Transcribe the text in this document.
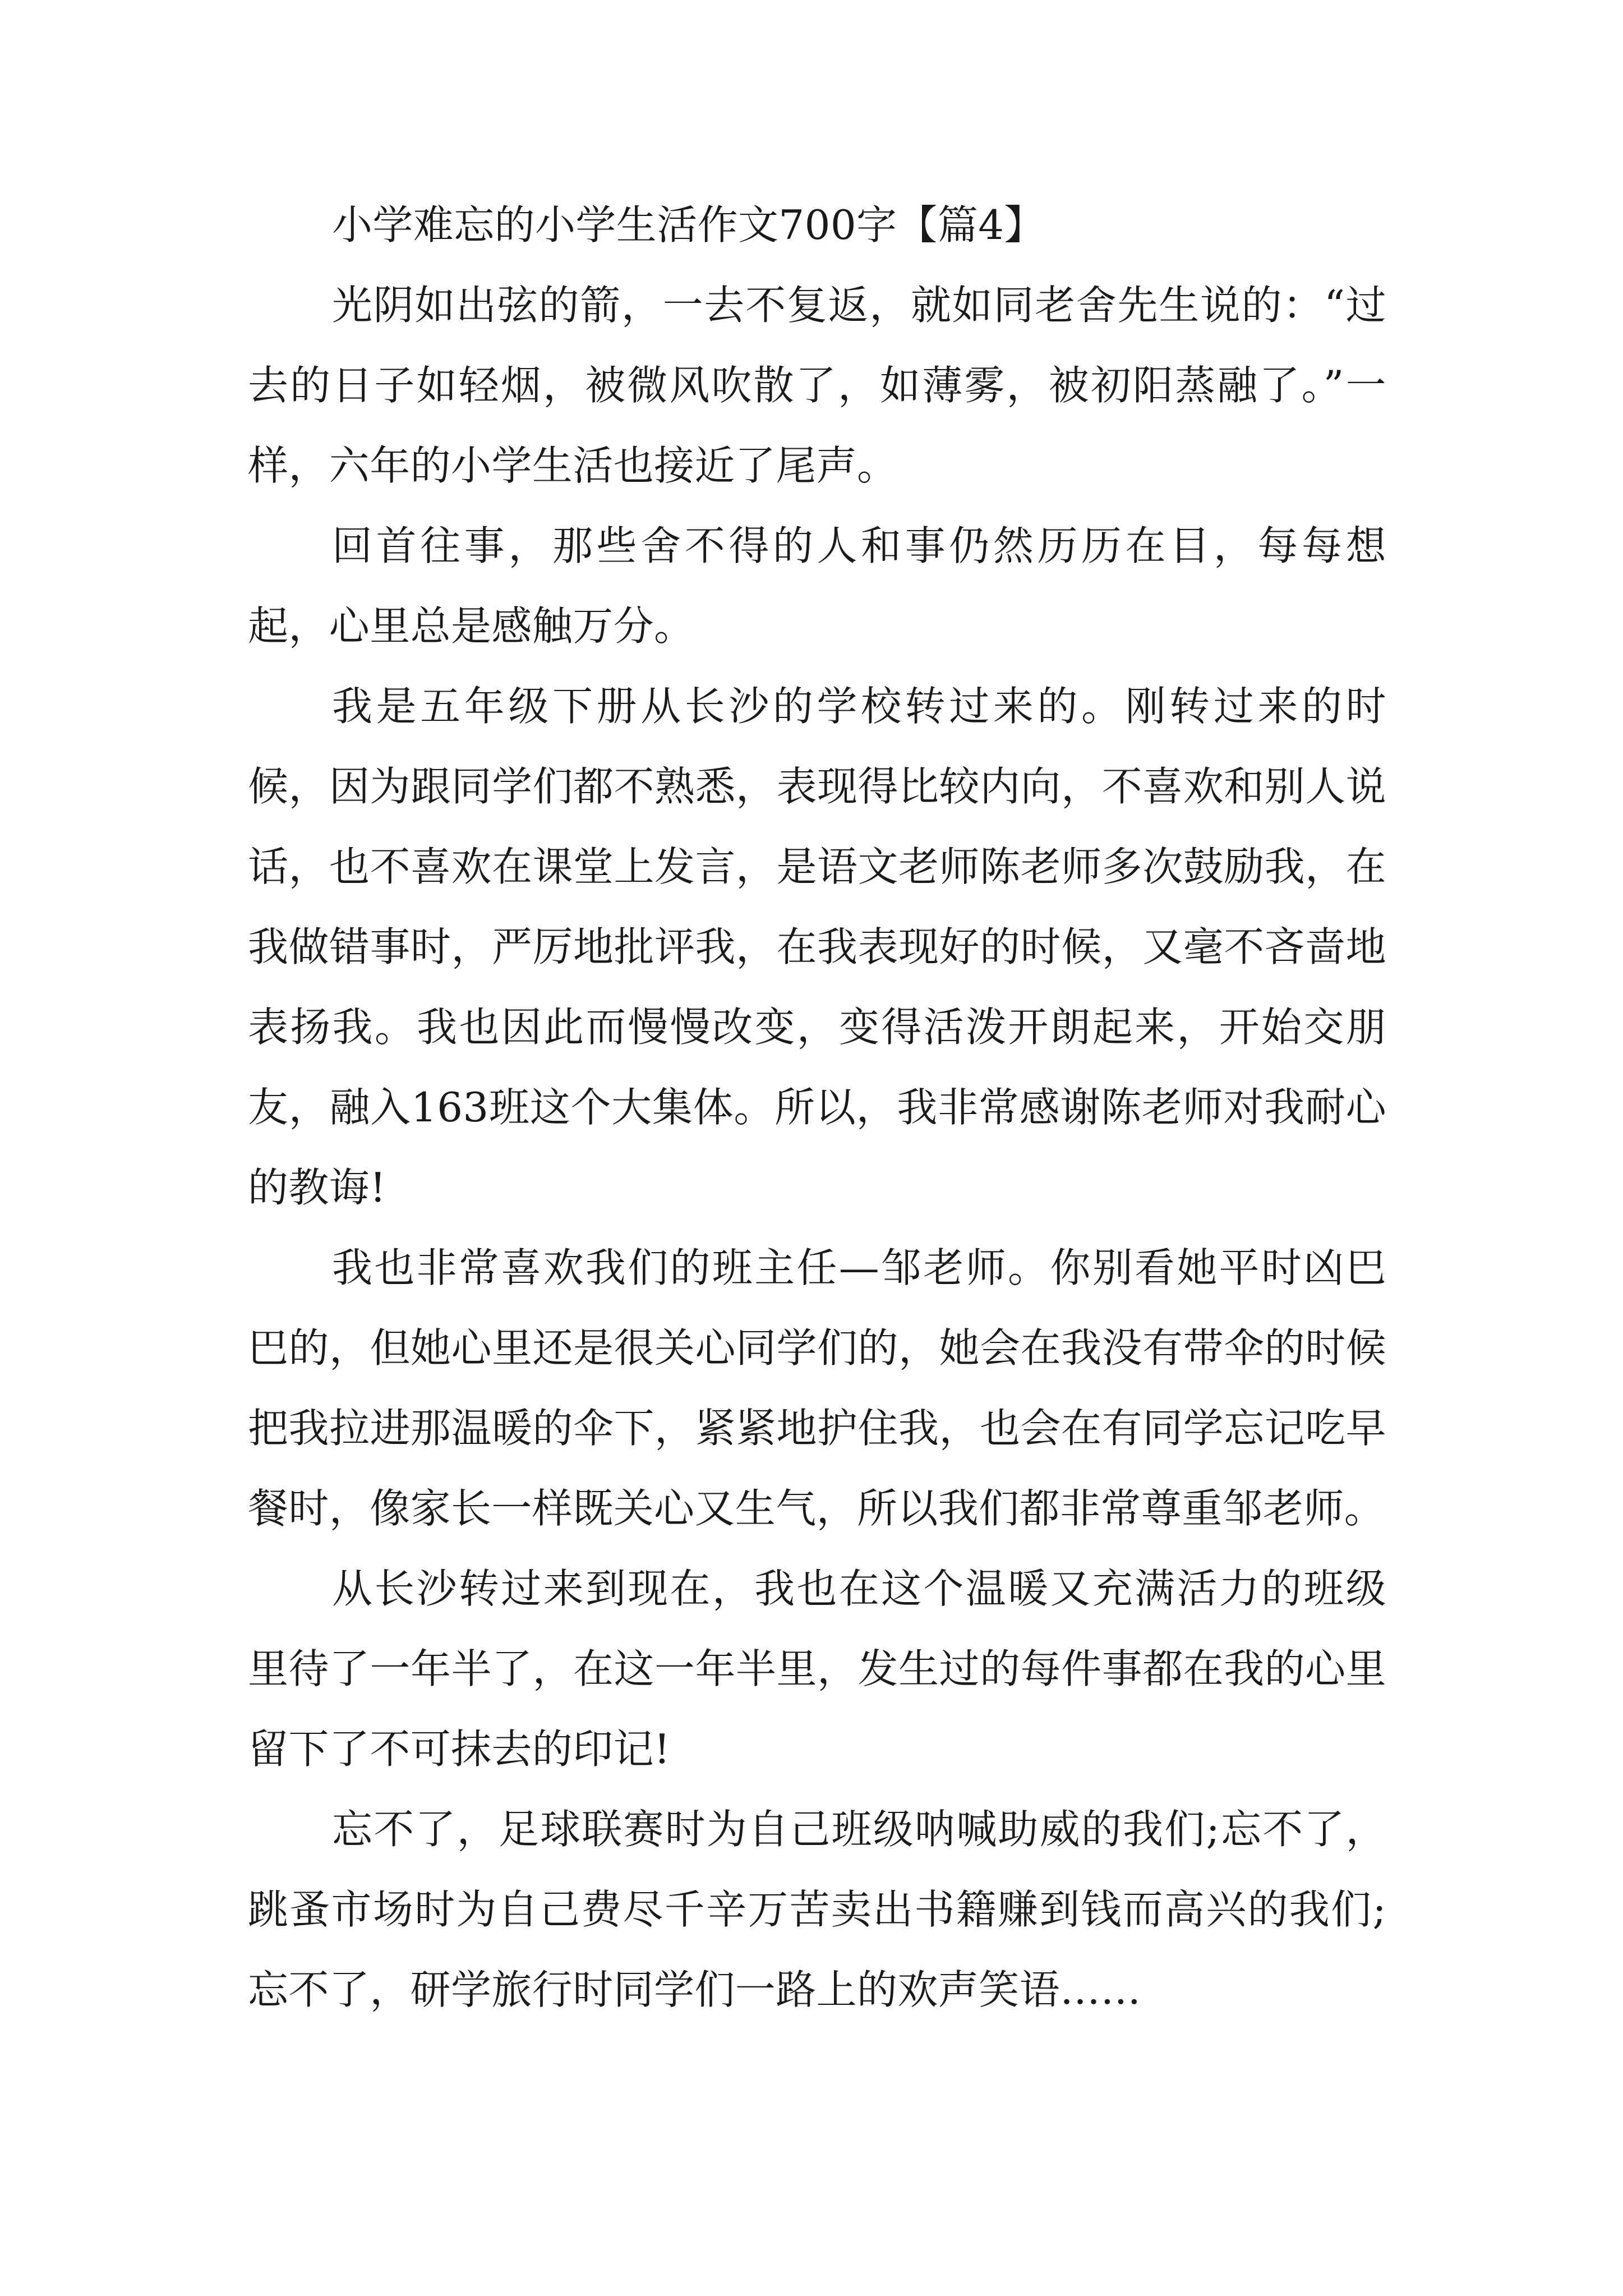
小学难忘的小学生活作文700字【篇4】

光阴如出弦的箭，一去不复返，就如同老舍先生说的：“过去的日子如轻烟，被微风吹散了，如薄雾，被初阳蒸融了。”一样，六年的小学生活也接近了尾声。

回首往事，那些舍不得的人和事仍然历历在目，每每想起，心里总是感触万分。

我是五年级下册从长沙的学校转过来的。刚转过来的时候，因为跟同学们都不熟悉，表现得比较内向，不喜欢和别人说话，也不喜欢在课堂上发言，是语文老师陈老师多次鼓励我，在我做错事时，严厉地批评我，在我表现好的时候，又毫不吝啬地表扬我。我也因此而慢慢改变，变得活泼开朗起来，开始交朋友，融入163班这个大集体。所以，我非常感谢陈老师对我耐心的教诲!

我也非常喜欢我们的班主任—邹老师。你别看她平时凶巴巴的，但她心里还是很关心同学们的，她会在我没有带伞的时候把我拉进那温暖的伞下，紧紧地护住我，也会在有同学忘记吃早餐时，像家长一样既关心又生气，所以我们都非常尊重邹老师。

从长沙转过来到现在，我也在这个温暖又充满活力的班级里待了一年半了，在这一年半里，发生过的每件事都在我的心里留下了不可抹去的印记!

忘不了，足球联赛时为自己班级呐喊助威的我们;忘不了，跳蚤市场时为自己费尽千辛万苦卖出书籍赚到钱而高兴的我们;忘不了，研学旅行时同学们一路上的欢声笑语……
